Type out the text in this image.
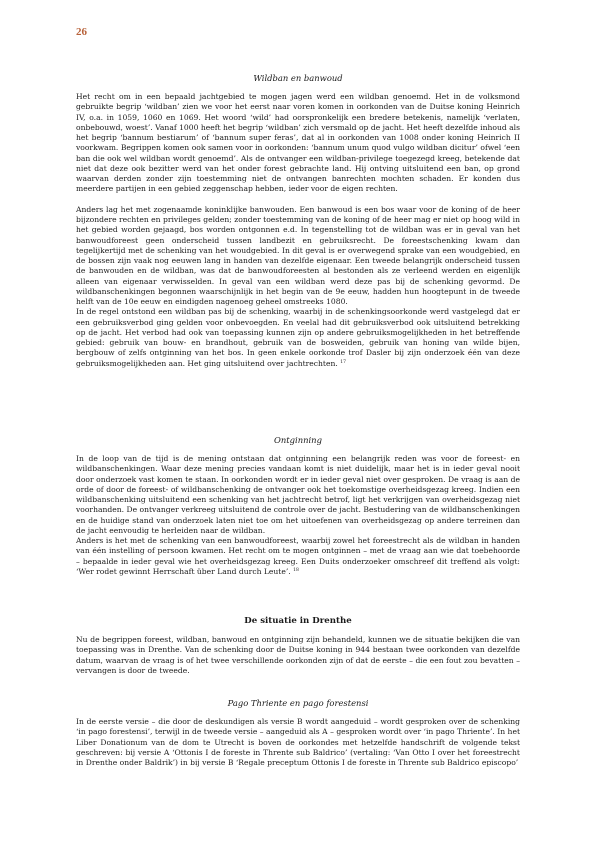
26
Wildban en banwoud

Het recht om in een bepaald jachtgebied te mogen jagen werd een wildban genoemd. Het in de volksmond gebruikte begrip ‘wildban’ zien we voor het eerst naar voren komen in oorkonden van de Duitse koning Heinrich IV, o.a. in 1059, 1060 en 1069. Het woord ‘wild’ had oorspronkelijk een bredere betekenis, namelijk ‘verlaten, onbebouwd, woest’. Vanaf 1000 heeft het begrip ‘wildban’ zich versmald op de jacht. Het heeft dezelfde inhoud als het begrip ‘bannum bestiarum’ of ‘bannum super feras’, dat al in oorkonden van 1008 onder koning Heinrich II voorkwam. Begrippen komen ook samen voor in oorkonden: ‘bannum unum quod vulgo wildban dicitur’ ofwel ‘een ban die ook wel wildban wordt genoemd’. Als de ontvanger een wildban-privilege toegezegd kreeg, betekende dat niet dat deze ook bezitter werd van het onder forest gebrachte land. Hij ontving uitsluitend een ban, op grond waarvan derden zonder zijn toestemming niet de ontvangen banrechten mochten schaden. Er konden dus meerdere partijen in een gebied zeggenschap hebben, ieder voor de eigen rechten.

Anders lag het met zogenaamde koninklijke banwouden. Een banwoud is een bos waar voor de koning of de heer bijzondere rechten en privileges gelden; zonder toestemming van de koning of de heer mag er niet op hoog wild in het gebied worden gejaagd, bos worden ontgonnen e.d. In tegenstelling tot de wildban was er in geval van het banwoudforeest geen onderscheid tussen landbezit en gebruiksrecht. De foreestschenking kwam dan tegelijkertijd met de schenking van het woudgebied. In dit geval is er overwegend sprake van een woudgebied, en de bossen zijn vaak nog eeuwen lang in handen van dezelfde eigenaar. Een tweede belangrijk onderscheid tussen de banwouden en de wildban, was dat de banwoudforeesten al bestonden als ze verleend werden en eigenlijk alleen van eigenaar verwisselden. In geval van een wildban werd deze pas bij de schenking gevormd. De wildbanschenkingen begonnen waarschijnlijk in het begin van de 9e eeuw, hadden hun hoogtepunt in de tweede helft van de 10e eeuw en eindigden nagenoeg geheel omstreeks 1080.

In de regel ontstond een wildban pas bij de schenking, waarbij in de schenkingsoorkonde werd vastgelegd dat er een gebruiksverbod ging gelden voor onbevoegden. En veelal had dit gebruiksverbod ook uitsluitend betrekking op de jacht. Het verbod had ook van toepassing kunnen zijn op andere gebruiksmogelijkheden in het betreffende gebied: gebruik van bouw- en brandhout, gebruik van de bosweiden, gebruik van honing van wilde bijen, bergbouw of zelfs ontginning van het bos. In geen enkele oorkonde trof Dasler bij zijn onderzoek één van deze gebruiksmogelijkheden aan. Het ging uitsluitend over jachtrechten. $^{17}$

Ontginning

In de loop van de tijd is de mening ontstaan dat ontginning een belangrijk reden was voor de foreest- en wildbanschenkingen. Waar deze mening precies vandaan komt is niet duidelijk, maar het is in ieder geval nooit door onderzoek vast komen te staan. In oorkonden wordt er in ieder geval niet over gesproken. De vraag is aan de orde of door de foreest- of wildbanschenking de ontvanger ook het toekomstige overheidsgezag kreeg. Indien een wildbanschenking uitsluitend een schenking van het jachtrecht betrof, ligt het verkrijgen van overheidsgezag niet voorhanden. De ontvanger verkreeg uitsluitend de controle over de jacht. Bestudering van de wildbanschenkingen en de huidige stand van onderzoek laten niet toe om het uitoefenen van overheidsgezag op andere terreinen dan de jacht eenvoudig te herleiden naar de wildban.

Anders is het met de schenking van een banwoudforeest, waarbij zowel het foreestrecht als de wildban in handen van één instelling of persoon kwamen. Het recht om te mogen ontginnen – met de vraag aan wie dat toebehoorde – bepaalde in ieder geval wie het overheidsgezag kreeg. Een Duits onderzoeker omschreef dit treffend als volgt: ‘Wer rodet gewinnt Herrschaft über Land durch Leute’. $^{18}$

De situatie in Drenthe

Nu de begrippen foreest, wildban, banwoud en ontginning zijn behandeld, kunnen we de situatie bekijken die van toepassing was in Drenthe. Van de schenking door de Duitse koning in 944 bestaan twee oorkonden van dezelfde datum, waarvan de vraag is of het twee verschillende oorkonden zijn of dat de eerste – die een fout zou bevatten – vervangen is door de tweede.

Pago Thriente en pago forestensi

In de eerste versie – die door de deskundigen als versie B wordt aangeduid – wordt gesproken over de schenking ‘in pago forestensi’, terwijl in de tweede versie – aangeduid als A – gesproken wordt over ‘in pago Thriente’. In het Liber Donationum van de dom te Utrecht is boven de oorkondes met hetzelfde handschrift de volgende tekst geschreven: bij versie A ‘Ottonis I de foreste in Thrente sub Baldrico’ (vertaling: ‘Van Otto I over het foreestrecht in Drenthe onder Baldrik’) in bij versie B ‘Regale preceptum Ottonis I de foreste in Thrente sub Baldrico episcopo’
